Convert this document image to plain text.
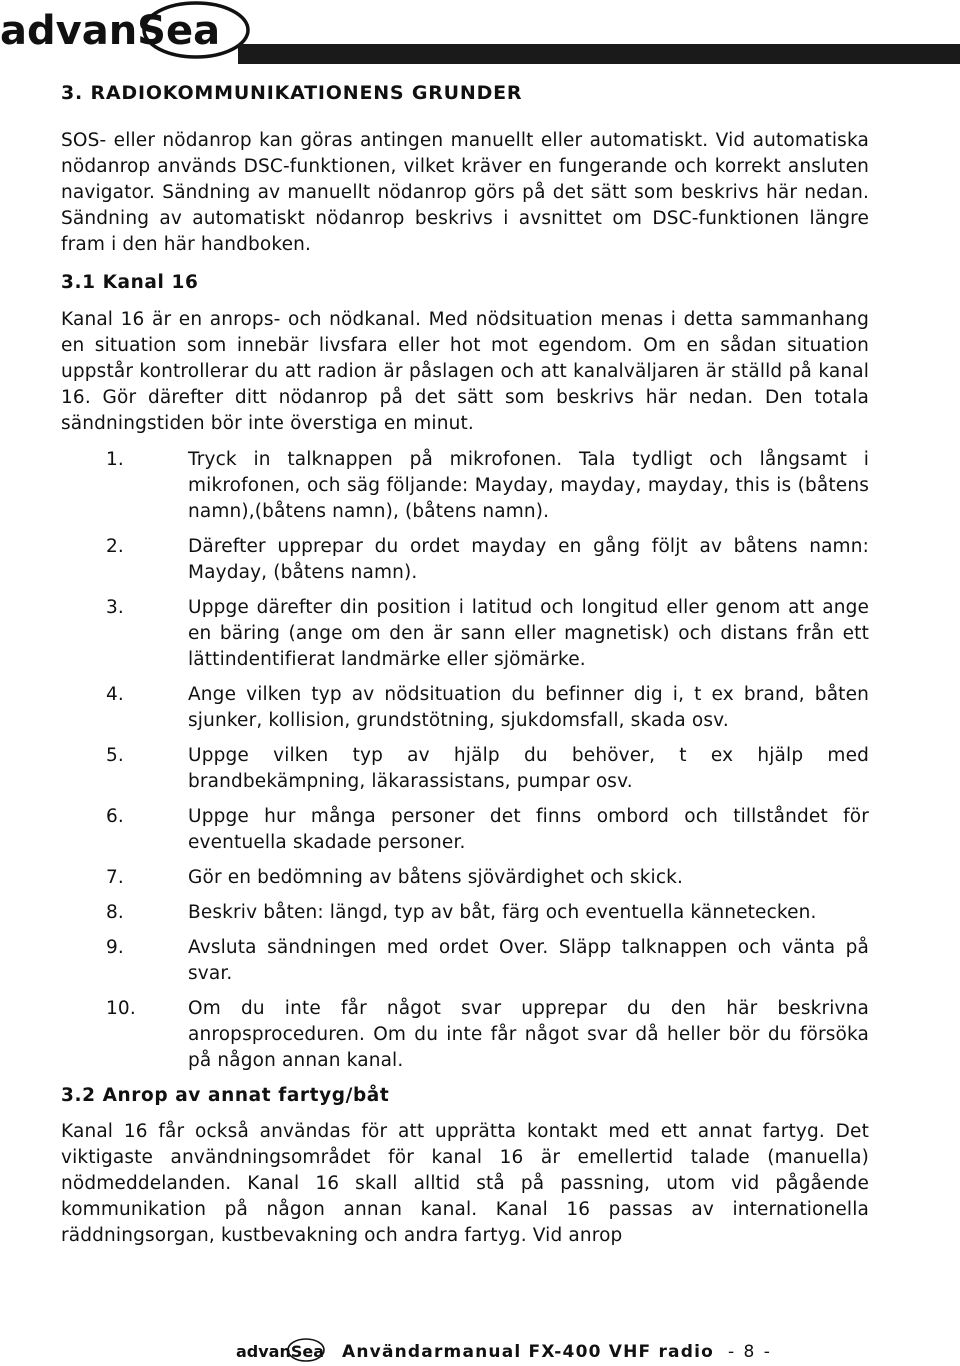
advanSea
3. RADIOKOMMUNIKATIONENS GRUNDER

SOS- eller nödanrop kan göras antingen manuellt eller automatiskt. Vid automatiska nödanrop används DSC-funktionen, vilket kräver en fungerande och korrekt ansluten navigator. Sändning av manuellt nödanrop görs på det sätt som beskrivs här nedan. Sändning av automatiskt nödanrop beskrivs i avsnittet om DSC-funktionen längre fram i den här handboken.

3.1 Kanal 16

Kanal 16 är en anrops- och nödkanal. Med nödsituation menas i detta sammanhang en situation som innebär livsfara eller hot mot egendom. Om en sådan situation uppstår kontrollerar du att radion är påslagen och att kanalväljaren är ställd på kanal 16. Gör därefter ditt nödanrop på det sätt som beskrivs här nedan. Den totala sändningstiden bör inte överstiga en minut.

1.	Tryck in talknappen på mikrofonen. Tala tydligt och långsamt i mikrofonen, och säg följande: Mayday, mayday, mayday, this is (båtens namn),(båtens namn), (båtens namn).
2.	Därefter upprepar du ordet mayday en gång följt av båtens namn: Mayday, (båtens namn).
3.	Uppge därefter din position i latitud och longitud eller genom att ange en bäring (ange om den är sann eller magnetisk) och distans från ett lättindentifierat landmärke eller sjömärke.
4.	Ange vilken typ av nödsituation du befinner dig i, t ex brand, båten sjunker, kollision, grundstötning, sjukdomsfall, skada osv.
5.	Uppge vilken typ av hjälp du behöver, t ex hjälp med brandbekämpning, läkarassistans, pumpar osv.
6.	Uppge hur många personer det finns ombord och tillståndet för eventuella skadade personer.
7.	Gör en bedömning av båtens sjövärdighet och skick.
8.	Beskriv båten: längd, typ av båt, färg och eventuella kännetecken.
9.	Avsluta sändningen med ordet Over. Släpp talknappen och vänta på svar.
10.	Om du inte får något svar upprepar du den här beskrivna anropsproceduren. Om du inte får något svar då heller bör du försöka på någon annan kanal.
3.2 Anrop av annat fartyg/båt

Kanal 16 får också användas för att upprätta kontakt med ett annat fartyg. Det viktigaste användningsområdet för kanal 16 är emellertid talade (manuella) nödmeddelanden. Kanal 16 skall alltid stå på passning, utom vid pågående kommunikation på någon annan kanal. Kanal 16 passas av internationella räddningsorgan, kustbevakning och andra fartyg. Vid anrop

advanSea Användarmanual FX-400 VHF radio - 8 -
